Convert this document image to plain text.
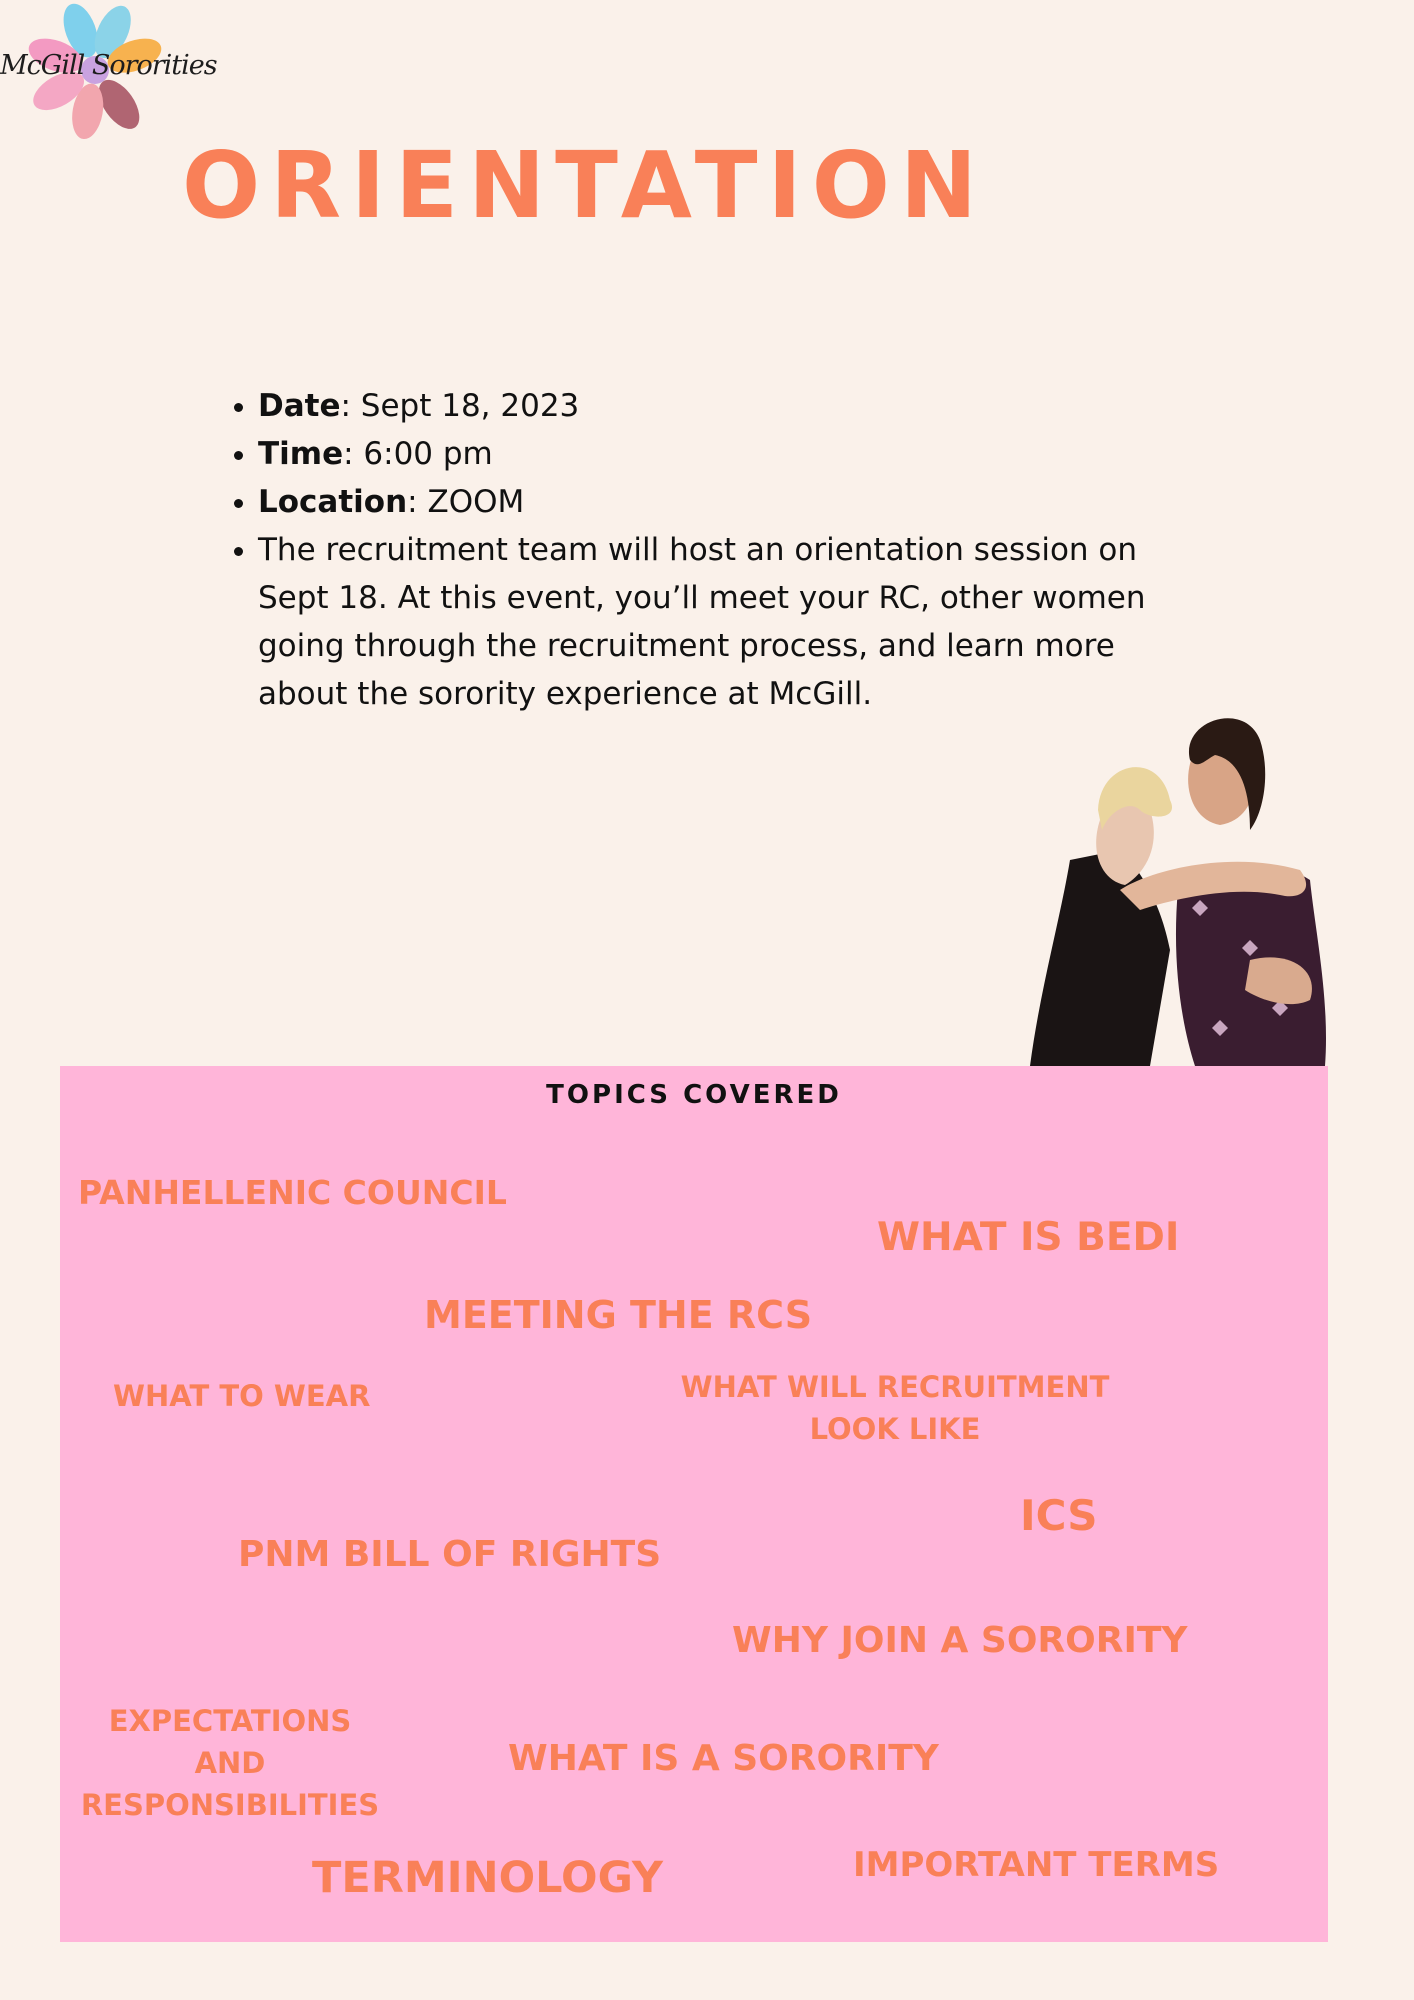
McGill Sororities
ORIENTATION
• Date: Sept 18, 2023
• Time: 6:00 pm
• Location: ZOOM
• The recruitment team will host an orientation session on Sept 18. At this event, you’ll meet your RC, other women going through the recruitment process, and learn more about the sorority experience at McGill.
TOPICS COVERED
PANHELLENIC COUNCIL
WHAT IS BEDI
MEETING THE RCS
WHAT TO WEAR	WHAT WILL RECRUITMENT LOOK LIKE
ICS
PNM BILL OF RIGHTS
WHY JOIN A SORORITY
EXPECTATIONS AND RESPONSIBILITIES
WHAT IS A SORORITY
TERMINOLOGY	IMPORTANT TERMS
